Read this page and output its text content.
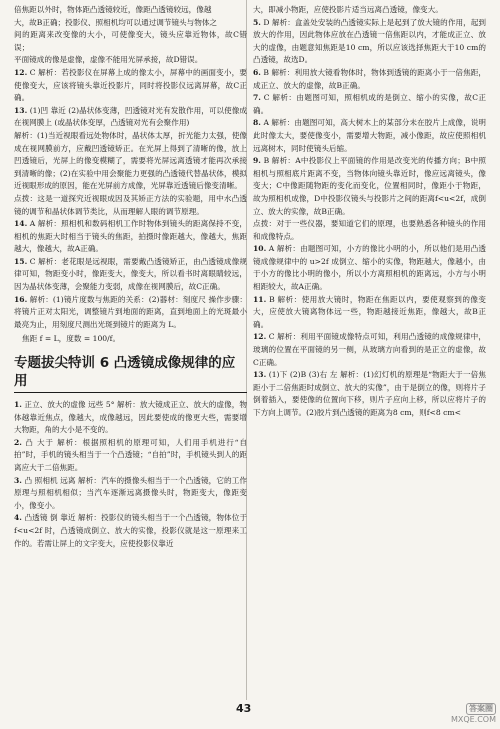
倍焦距以外时，物体距凸透镜较近，像距凸透镜较远，像越

大，故B正确；投影仪、照相机均可以通过调节镜头与物体之

间的距离来改变像的大小，可使像变大，镜头应靠近物体，故C错误；

平面镜成的像是虚像，虚像不能用光屏承接，故D错误。

12. C 解析：若投影仪在屏幕上成的像太小，屏幕中的画面变小，要使像变大，应该将镜头靠近投影片，同时将投影仪远离屏幕，故C正确。

13. (1)凹 靠近 (2)晶状体变薄，凹透镜对光有发散作用，可以使像成在视网膜上 (或晶状体变厚，凸透镜对光有会聚作用)

解析：(1)当近视眼看远处物体时，晶状体太厚，折光能力太强，使像成在视网膜前方，应戴凹透镜矫正。在光屏上得到了清晰的像，放上凹透镜后，光屏上的像变模糊了，需要将光屏远离透镜才能再次承接到清晰的像；(2)在实验中用会聚能力更强的凸透镜代替晶状体，模拟近视眼形成的原因，能在光屏前方成像，光屏靠近透镜后像变清晰。

点拨：这是一道探究近视眼成因及其矫正方法的实验题，用中水凸透镜的调节和晶状体调节类比，从而理解人眼的调节原理。

14. A 解析：照相机和数码相机工作时物体到镜头的距离保持不变，相机的焦距大时相当于镜头的焦距，拍摄时像距越大，像越大，焦距越大，像越大，故A正确。

15. C 解析：老花眼是远视眼，需要戴凸透镜矫正，由凸透镜成像规律可知，物距变小时，像距变大，像变大，所以看书时离眼睛较远，因为晶状体变薄，会聚能力变弱，成像在视网膜后，故C正确。

16. 解析：(1)镜片度数与焦距的关系：(2)器材：刻度尺 操作步骤：将镜片正对太阳光，调整镜片到地面的距离，直到地面上的光斑最小最亮为止，用刻度尺测出光斑到镜片的距离为 L。

焦距 f = L，度数 = 100/f。

专题拔尖特训 6 凸透镜成像规律的应用

1. 正立、放大的虚像 远些 5° 解析：放大镜成正立、放大的虚像，物体越靠近焦点，像越大，成像越远，因此要使成的像更大些，需要增大物距，角的大小是不变的。

2. 凸 大于 解析：根据照相机的原理可知，人们用手机进行“自拍”时，手机的镜头相当于一个凸透镜；“自拍”时，手机镜头到人的距离应大于二倍焦距。

3. 凸 照相机 远离 解析：汽车的摄像头相当于一个凸透镜，它的工作原理与照相机相似；当汽车逐渐远离摄像头时，物距变大，像距变小，像变小。

4. 凸透镜 倒 靠近 解析：投影仪的镜头相当于一个凸透镜，物体位于 f<u<2f 时，凸透镜成倒立、放大的实像，投影仪就是这一原理来工作的。若需让屏上的文字变大，应使投影仪靠近

大，即减小物距，应使投影片适当远离凸透镜，像变大。

5. D 解析：盒盖处安装的凸透镜实际上是起到了放大镜的作用，起到放大的作用，因此物体应放在凸透镜一倍焦距以内，才能成正立、放大的虚像，由题意知焦距是10 cm，所以应该选择焦距大于10 cm的凸透镜，故选D。

6. B 解析：利用放大镜看物体时，物体到透镜的距离小于一倍焦距，成正立、放大的虚像，故B正确。

7. C 解析：由题图可知，照相机成的是倒立、缩小的实像，故C正确。

8. A 解析：由题图可知，高大树木上的某部分未在胶片上成像，说明此时像太大，要使像变小，需要增大物距，减小像距，故应使照相机远离树木，同时使镜头后缩。

9. B 解析：A中投影仪上平面镜的作用是改变光的传播方向；B中照相机与照相底片距离不变，当物体向镜头靠近时，像应远离镜头，像变大；C中像距随物距的变化而变化，位置相同时，像距小于物距，故为照相机成像，D中投影仪镜头与投影片之间的距离f<u<2f，成倒立、放大的实像，故B正确。

点拨：对于一些仪器，要知道它们的原理，也要熟悉各种镜头的作用和成像特点。

10. A 解析：由题图可知，小方的像比小明的小，所以他们是用凸透镜成像规律中的 u>2f 成倒立、缩小的实像，物距越大，像越小，由于小方的像比小明的像小，所以小方离照相机的距离远，小方与小明相距较大，故A正确。

11. B 解析：使用放大镜时，物距在焦距以内，要使观察到的像变大，应使放大镜离物体远一些，物距越接近焦距，像越大，故B正确。

12. C 解析：利用平面镜成像特点可知，利用凸透镜的成像规律中，玻璃的位置在平面镜的另一侧，从玻璃方向看到的是正立的虚像，故C正确。

13. (1)下 (2)B (3)右 左 解析：(1)幻灯机的原理是“物距大于一倍焦距小于二倍焦距时成倒立、放大的实像”，由于是倒立的像，则将片子倒着插入，要使像的位置向下移，则片子应向上移，所以应将片子的下方向上调节。(2)胶片到凸透镜的距离为8 cm，则f<8 cm<

43	答案圈
MXQE.COM
